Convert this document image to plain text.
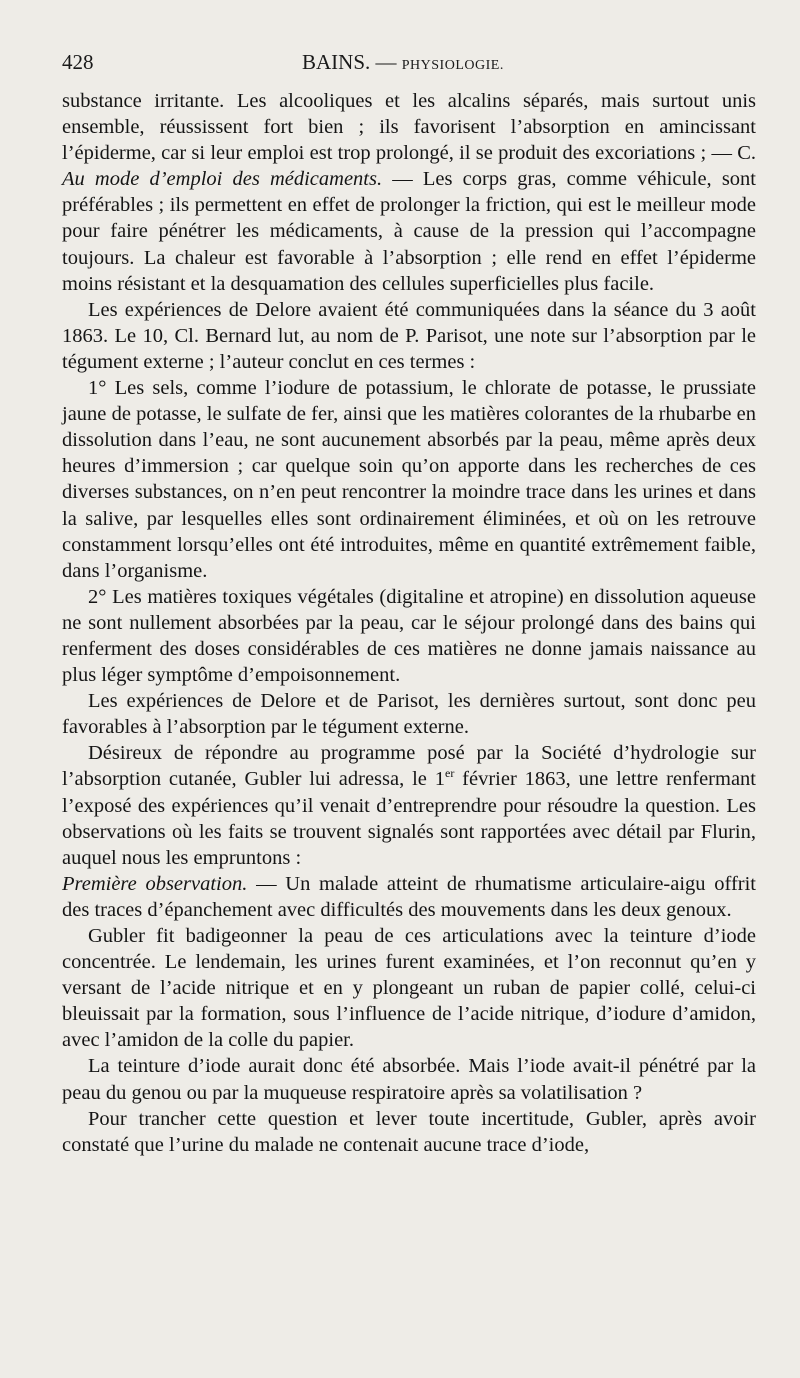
428	BAINS. — PHYSIOLOGIE.

substance irritante. Les alcooliques et les alcalins séparés, mais surtout unis ensemble, réussissent fort bien ; ils favorisent l’absorption en amincissant l’épiderme, car si leur emploi est trop prolongé, il se produit des excoriations ; — C. Au mode d’emploi des médicaments. — Les corps gras, comme véhicule, sont préférables ; ils permettent en effet de prolonger la friction, qui est le meilleur mode pour faire pénétrer les médicaments, à cause de la pression qui l’accompagne toujours. La chaleur est favorable à l’absorption ; elle rend en effet l’épiderme moins résistant et la desquamation des cellules superficielles plus facile.

Les expériences de Delore avaient été communiquées dans la séance du 3 août 1863. Le 10, Cl. Bernard lut, au nom de P. Parisot, une note sur l’absorption par le tégument externe ; l’auteur conclut en ces termes :

1° Les sels, comme l’iodure de potassium, le chlorate de potasse, le prussiate jaune de potasse, le sulfate de fer, ainsi que les matières colorantes de la rhubarbe en dissolution dans l’eau, ne sont aucunement absorbés par la peau, même après deux heures d’immersion ; car quelque soin qu’on apporte dans les recherches de ces diverses substances, on n’en peut rencontrer la moindre trace dans les urines et dans la salive, par lesquelles elles sont ordinairement éliminées, et où on les retrouve constamment lorsqu’elles ont été introduites, même en quantité extrêmement faible, dans l’organisme.

2° Les matières toxiques végétales (digitaline et atropine) en dissolution aqueuse ne sont nullement absorbées par la peau, car le séjour prolongé dans des bains qui renferment des doses considérables de ces matières ne donne jamais naissance au plus léger symptôme d’empoisonnement.

Les expériences de Delore et de Parisot, les dernières surtout, sont donc peu favorables à l’absorption par le tégument externe.

Désireux de répondre au programme posé par la Société d’hydrologie sur l’absorption cutanée, Gubler lui adressa, le 1er février 1863, une lettre renfermant l’exposé des expériences qu’il venait d’entreprendre pour résoudre la question. Les observations où les faits se trouvent signalés sont rapportées avec détail par Flurin, auquel nous les empruntons :

Première observation. — Un malade atteint de rhumatisme articulaire-aigu offrit des traces d’épanchement avec difficultés des mouvements dans les deux genoux.

Gubler fit badigeonner la peau de ces articulations avec la teinture d’iode concentrée. Le lendemain, les urines furent examinées, et l’on reconnut qu’en y versant de l’acide nitrique et en y plongeant un ruban de papier collé, celui-ci bleuissait par la formation, sous l’influence de l’acide nitrique, d’iodure d’amidon, avec l’amidon de la colle du papier.

La teinture d’iode aurait donc été absorbée. Mais l’iode avait-il pénétré par la peau du genou ou par la muqueuse respiratoire après sa volatilisation ?

Pour trancher cette question et lever toute incertitude, Gubler, après avoir constaté que l’urine du malade ne contenait aucune trace d’iode,
